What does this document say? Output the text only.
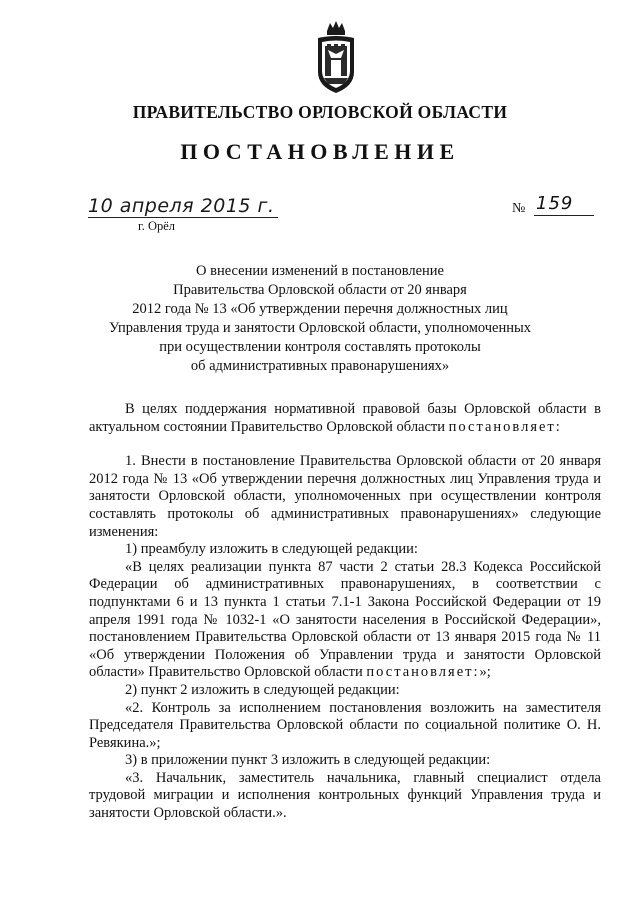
ПРАВИТЕЛЬСТВО ОРЛОВСКОЙ ОБЛАСТИ
ПОСТАНОВЛЕНИЕ
10 апреля 2015 г.
г. Орёл
№ 159
О внесении изменений в постановление
Правительства Орловской области от 20 января
2012 года № 13 «Об утверждении перечня должностных лиц
Управления труда и занятости Орловской области, уполномоченных
при осуществлении контроля составлять протоколы
об административных правонарушениях»

В целях поддержания нормативной правовой базы Орловской области в актуальном состоянии Правительство Орловской области постановляет:

1. Внести в постановление Правительства Орловской области от 20 января 2012 года № 13 «Об утверждении перечня должностных лиц Управления труда и занятости Орловской области, уполномоченных при осуществлении контроля составлять протоколы об административных правонарушениях» следующие изменения:

1) преамбулу изложить в следующей редакции:

«В целях реализации пункта 87 части 2 статьи 28.3 Кодекса Российской Федерации об административных правонарушениях, в соответствии с подпунктами 6 и 13 пункта 1 статьи 7.1-1 Закона Российской Федерации от 19 апреля 1991 года № 1032-1 «О занятости населения в Российской Федерации», постановлением Правительства Орловской области от 13 января 2015 года № 11 «Об утверждении Положения об Управлении труда и занятости Орловской области» Правительство Орловской области постановляет:»;

2) пункт 2 изложить в следующей редакции:

«2. Контроль за исполнением постановления возложить на заместителя Председателя Правительства Орловской области по социальной политике О. Н. Ревякина.»;

3) в приложении пункт 3 изложить в следующей редакции:

«3. Начальник, заместитель начальника, главный специалист отдела трудовой миграции и исполнения контрольных функций Управления труда и занятости Орловской области.».
